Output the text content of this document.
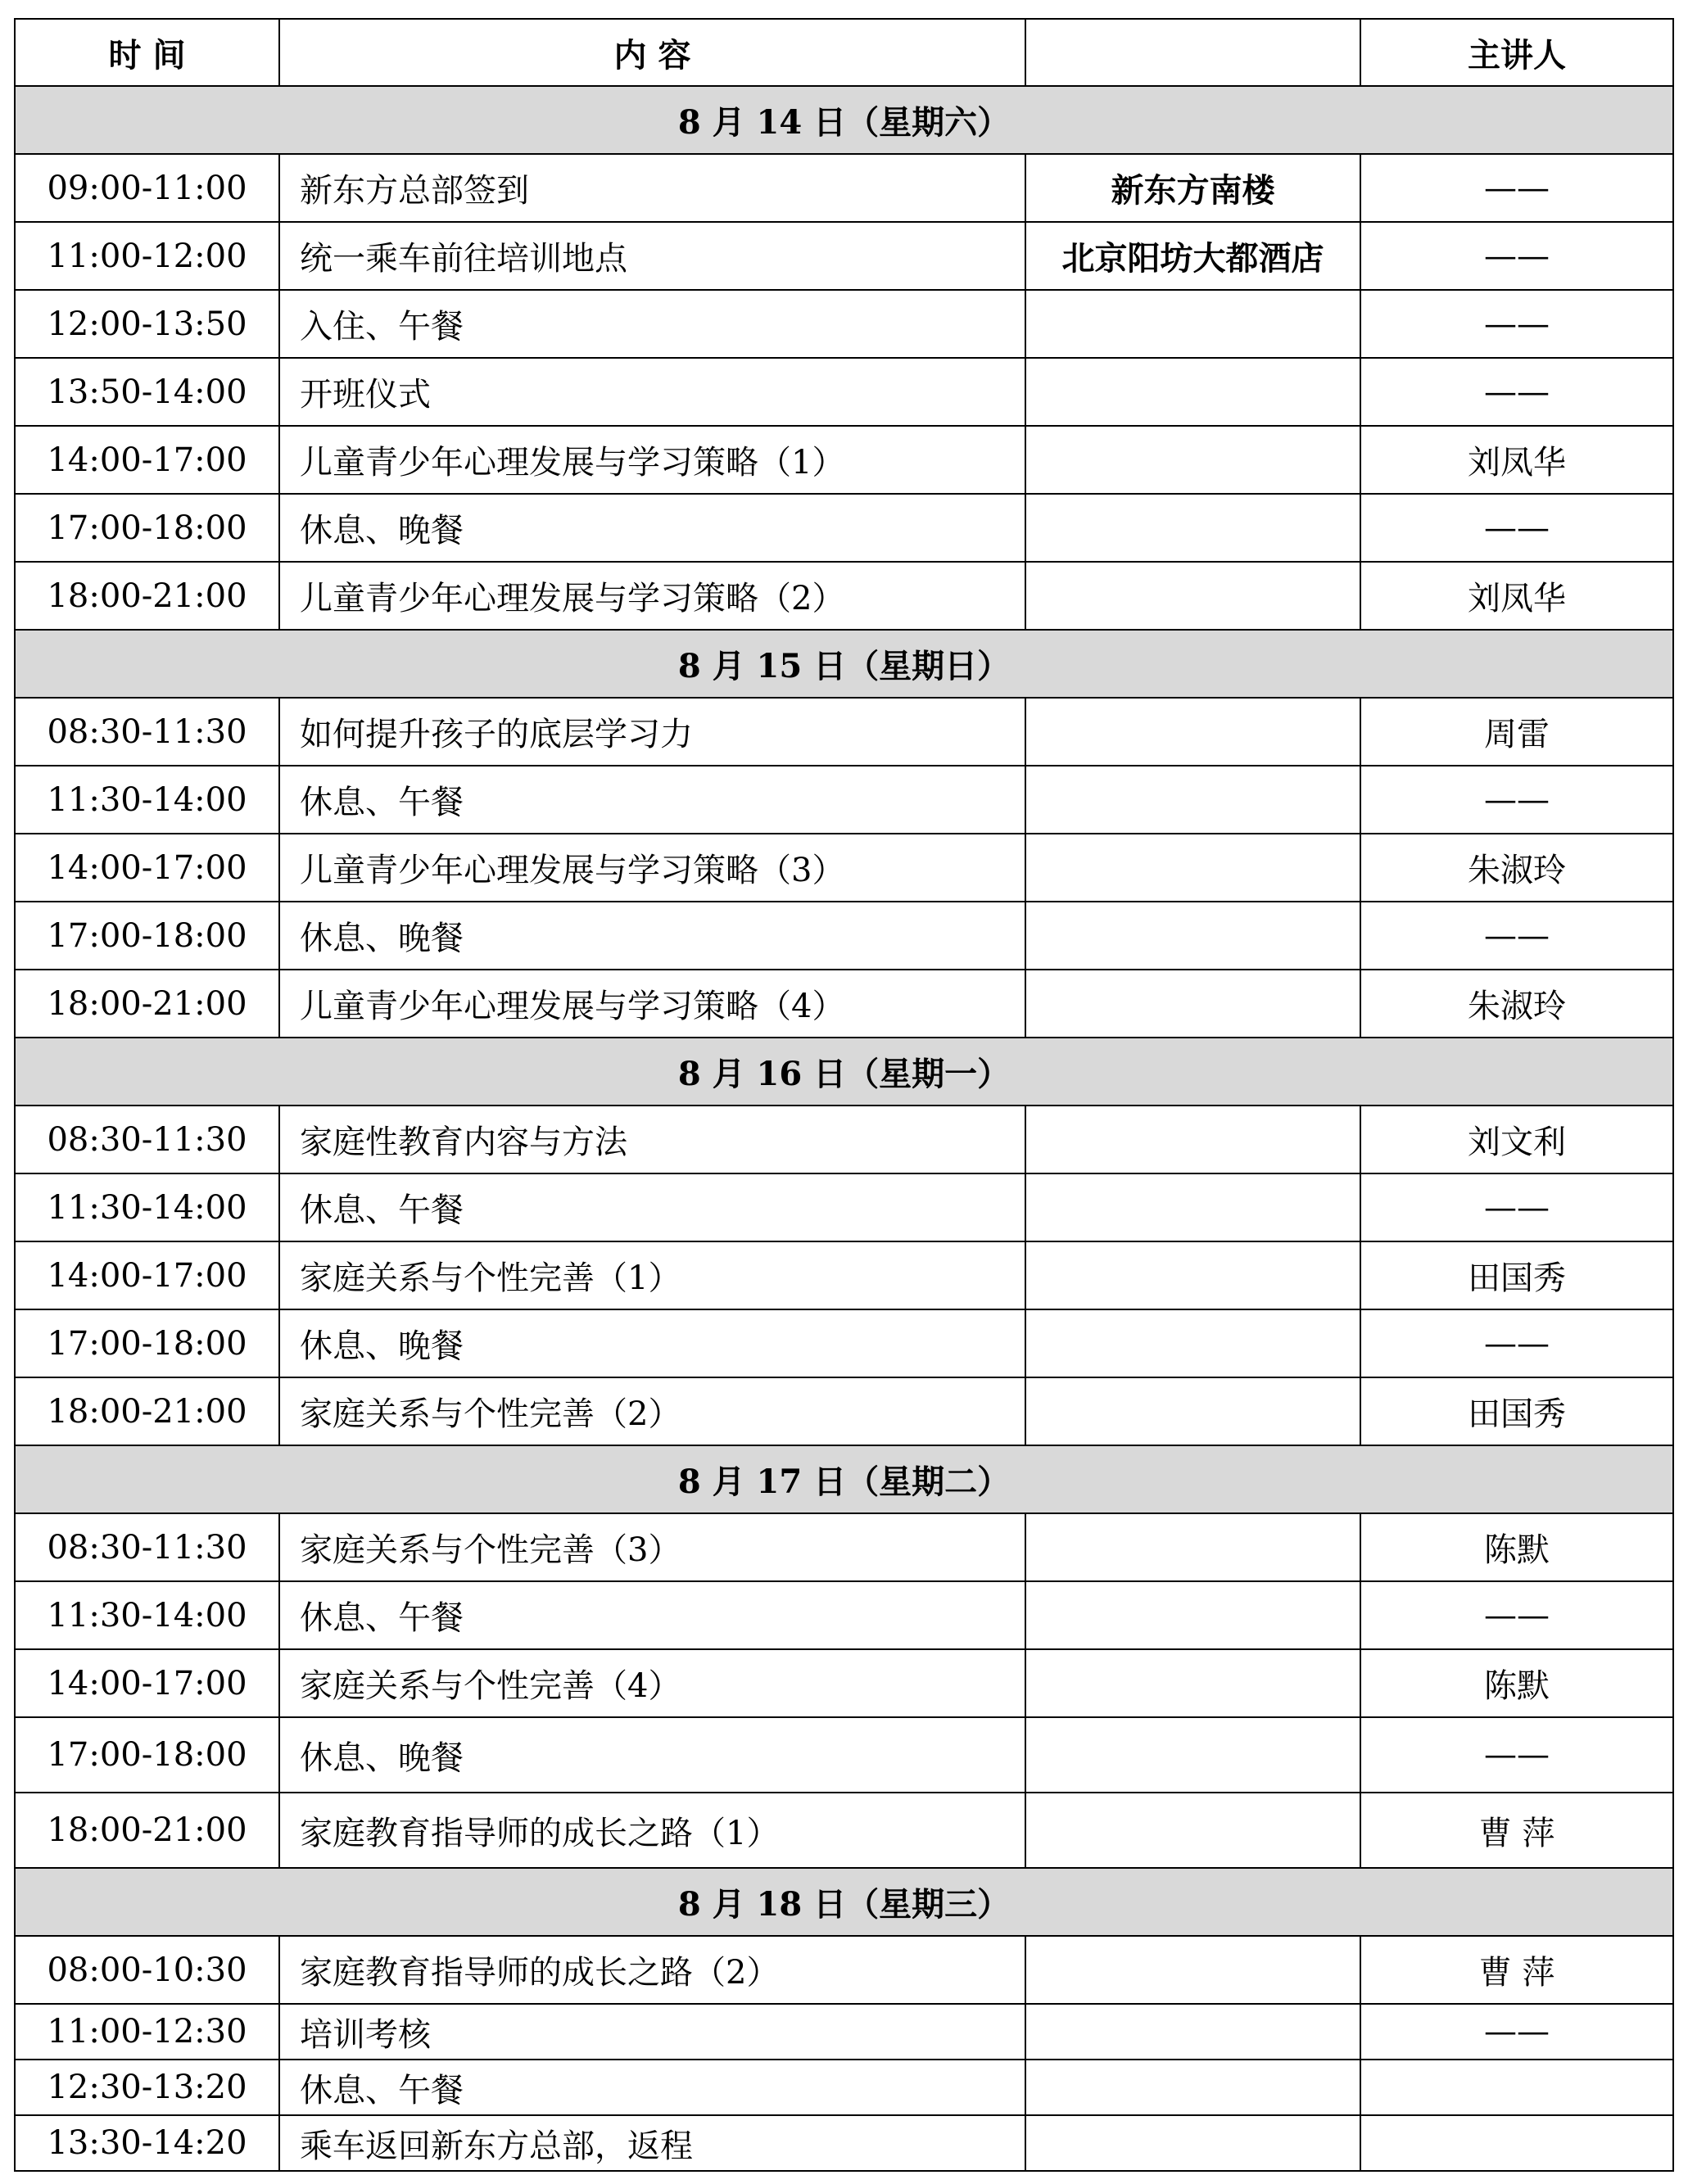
时 间	内 容		主讲人
8 月 14 日（星期六）			
09:00-11:00	新东方总部签到	新东方南楼	——
11:00-12:00	统一乘车前往培训地点	北京阳坊大都酒店	——
12:00-13:50	入住、午餐		——
13:50-14:00	开班仪式		——
14:00-17:00	儿童青少年心理发展与学习策略（1）		刘凤华
17:00-18:00	休息、晚餐		——
18:00-21:00	儿童青少年心理发展与学习策略（2）		刘凤华
8 月 15 日（星期日）			
08:30-11:30	如何提升孩子的底层学习力		周雷
11:30-14:00	休息、午餐		——
14:00-17:00	儿童青少年心理发展与学习策略（3）		朱淑玲
17:00-18:00	休息、晚餐		——
18:00-21:00	儿童青少年心理发展与学习策略（4）		朱淑玲
8 月 16 日（星期一）			
08:30-11:30	家庭性教育内容与方法		刘文利
11:30-14:00	休息、午餐		——
14:00-17:00	家庭关系与个性完善（1）		田国秀
17:00-18:00	休息、晚餐		——
18:00-21:00	家庭关系与个性完善（2）		田国秀
8 月 17 日（星期二）			
08:30-11:30	家庭关系与个性完善（3）		陈默
11:30-14:00	休息、午餐		——
14:00-17:00	家庭关系与个性完善（4）		陈默
17:00-18:00	休息、晚餐		——
18:00-21:00	家庭教育指导师的成长之路（1）		曹 萍
8 月 18 日（星期三）			
08:00-10:30	家庭教育指导师的成长之路（2）		曹 萍
11:00-12:30	培训考核		——
12:30-13:20	休息、午餐		
13:30-14:20	乘车返回新东方总部，返程		
